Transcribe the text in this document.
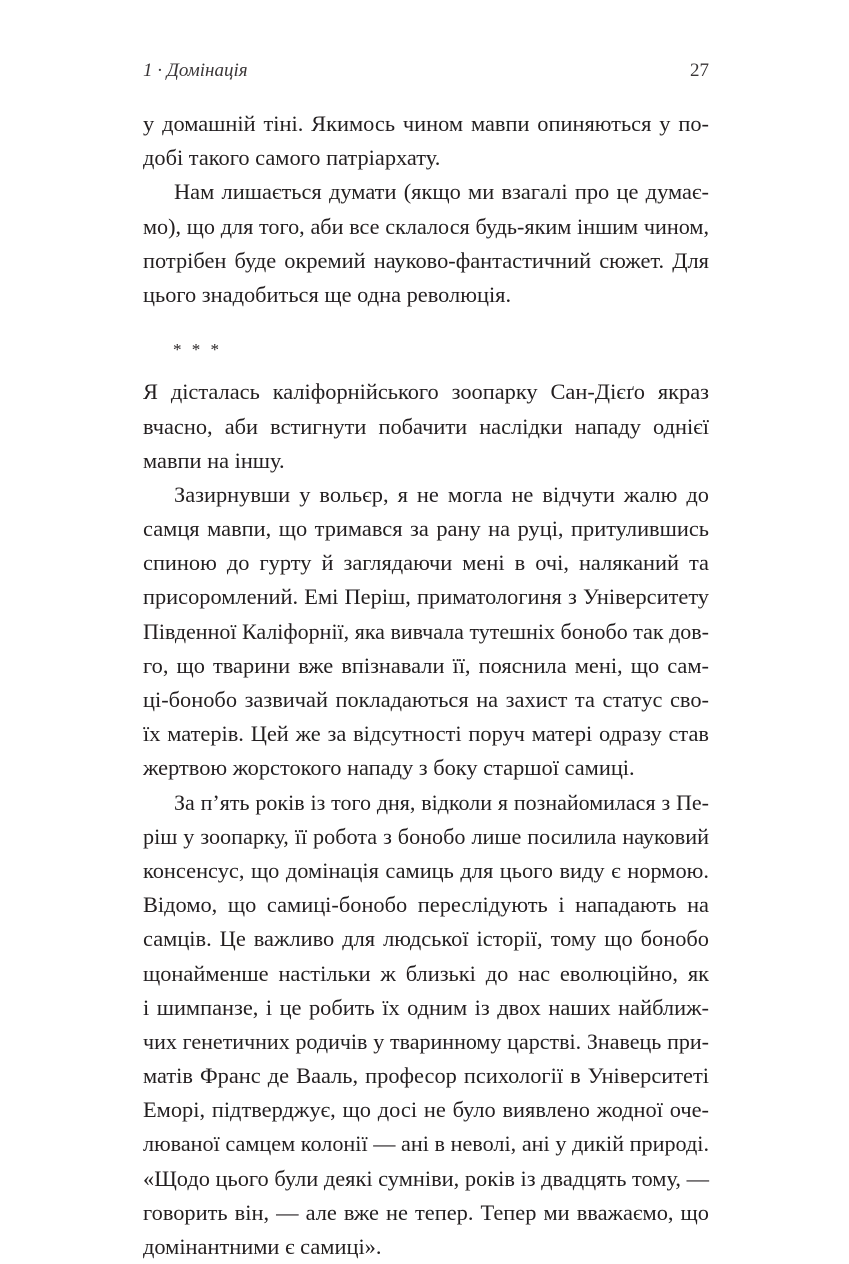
1 · Домінація	27
у домашній тіні. Якимось чином мавпи опиняються у по-
добі такого самого патріархату.
Нам лишається думати (якщо ми взагалі про це думає-
мо), що для того, аби все склалося будь-яким іншим чином,
потрібен буде окремий науково-фантастичний сюжет. Для
цього знадобиться ще одна революція.
* * *
Я дісталась каліфорнійського зоопарку Сан-Дієґо якраз
вчасно, аби встигнути побачити наслідки нападу однієї
мавпи на іншу.
Зазирнувши у вольєр, я не могла не відчути жалю до
самця мавпи, що тримався за рану на руці, притулившись
спиною до гурту й заглядаючи мені в очі, наляканий та
присоромлений. Емі Періш, приматологиня з Університету
Південної Каліфорнії, яка вивчала тутешніх бонобо так дов-
го, що тварини вже впізнавали її, пояснила мені, що сам-
ці-бонобо зазвичай покладаються на захист та статус сво-
їх матерів. Цей же за відсутності поруч матері одразу став
жертвою жорстокого нападу з боку старшої самиці.
За п’ять років із того дня, відколи я познайомилася з Пе-
ріш у зоопарку, її робота з бонобо лише посилила науковий
консенсус, що домінація самиць для цього виду є нормою.
Відомо, що самиці-бонобо переслідують і нападають на
самців. Це важливо для людської історії, тому що бонобо
щонайменше настільки ж близькі до нас еволюційно, як
і шимпанзе, і це робить їх одним із двох наших найближ-
чих генетичних родичів у тваринному царстві. Знавець при-
матів Франс де Вааль, професор психології в Університеті
Еморі, підтверджує, що досі не було виявлено жодної оче-
люваної самцем колонії — ані в неволі, ані у дикій природі.
«Щодо цього були деякі сумніви, років із двадцять тому, —
говорить він, — але вже не тепер. Тепер ми вважаємо, що
домінантними є самиці».
